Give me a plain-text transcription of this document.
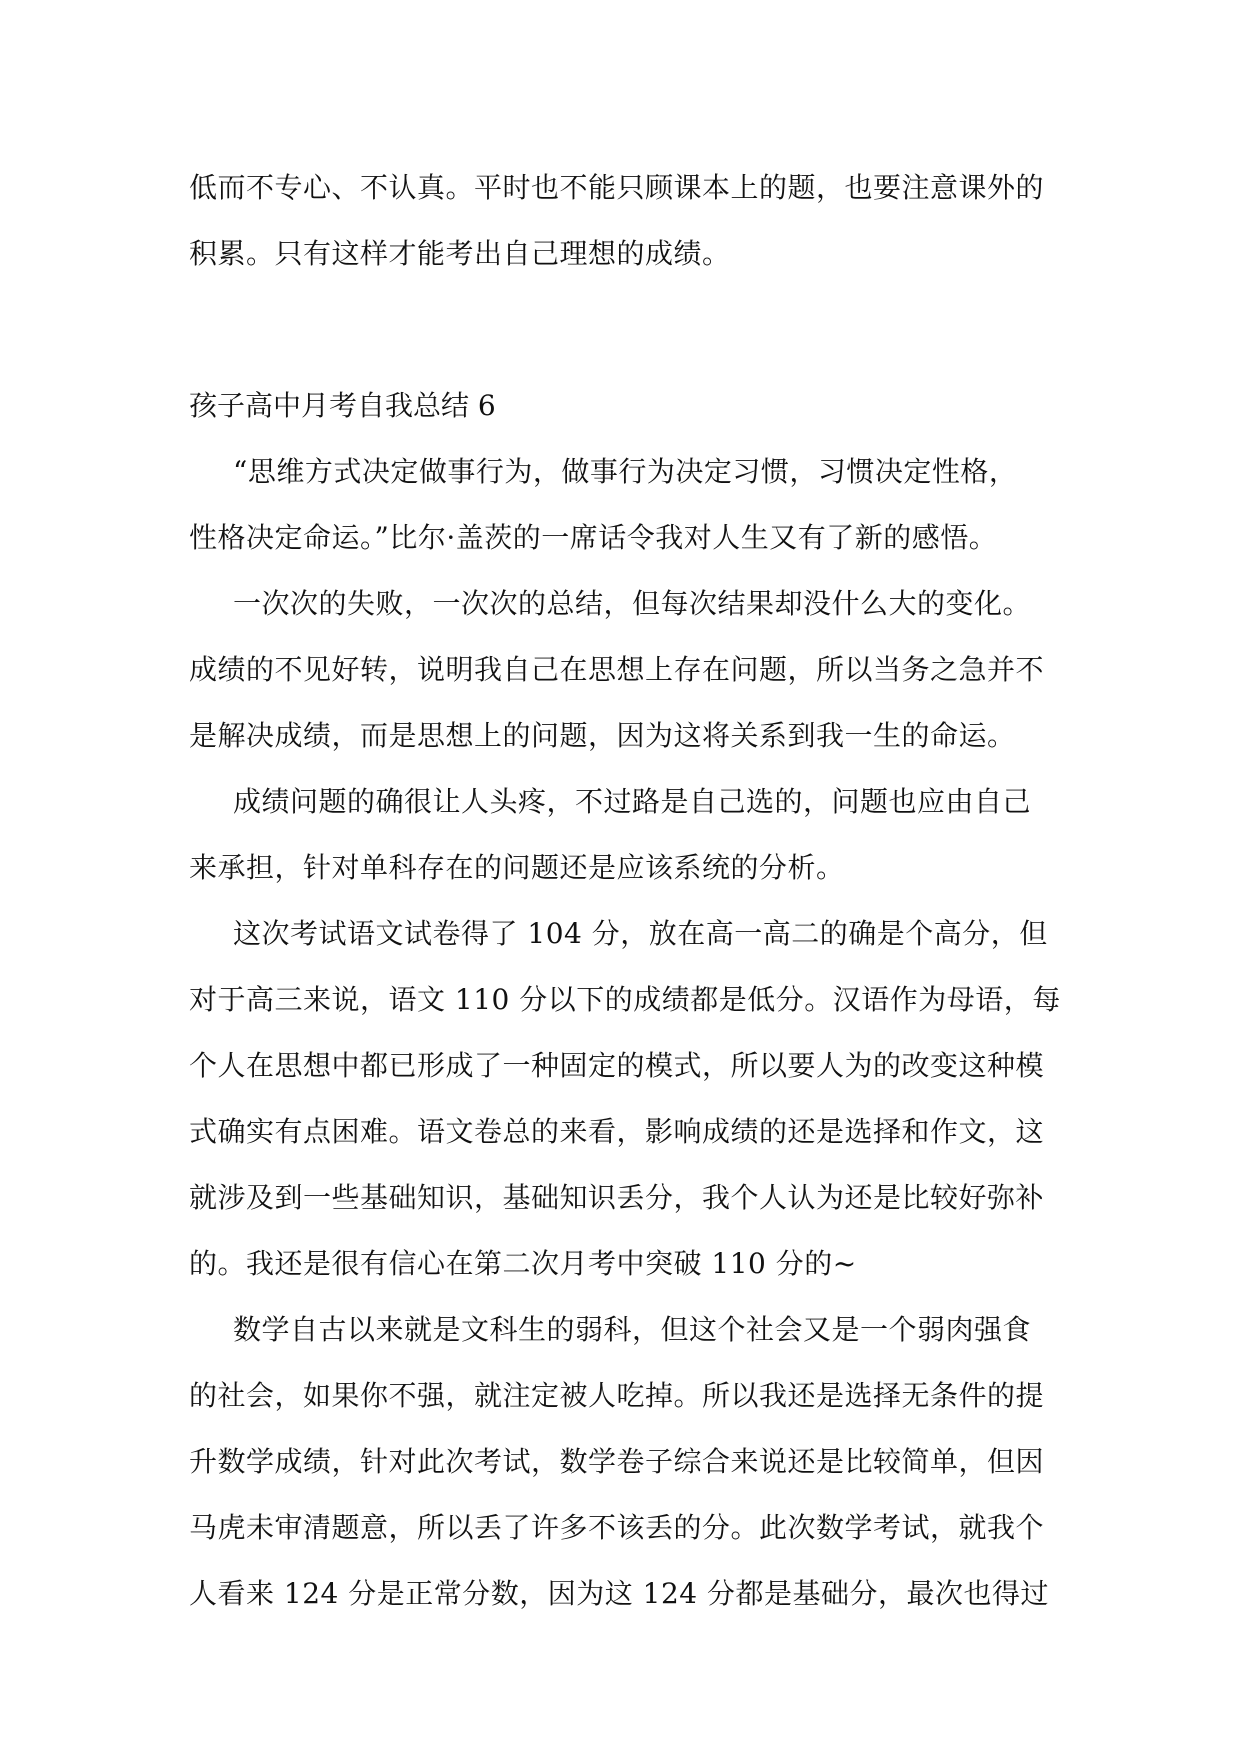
低而不专心、不认真。平时也不能只顾课本上的题，也要注意课外的
积累。只有这样才能考出自己理想的成绩。
孩子高中月考自我总结 6
“思维方式决定做事行为，做事行为决定习惯，习惯决定性格，
性格决定命运。”比尔·盖茨的一席话令我对人生又有了新的感悟。
一次次的失败，一次次的总结，但每次结果却没什么大的变化。
成绩的不见好转，说明我自己在思想上存在问题，所以当务之急并不
是解决成绩，而是思想上的问题，因为这将关系到我一生的命运。
成绩问题的确很让人头疼，不过路是自己选的，问题也应由自己
来承担，针对单科存在的问题还是应该系统的分析。
这次考试语文试卷得了 104 分，放在高一高二的确是个高分，但
对于高三来说，语文 110 分以下的成绩都是低分。汉语作为母语，每
个人在思想中都已形成了一种固定的模式，所以要人为的改变这种模
式确实有点困难。语文卷总的来看，影响成绩的还是选择和作文，这
就涉及到一些基础知识，基础知识丢分，我个人认为还是比较好弥补
的。我还是很有信心在第二次月考中突破 110 分的~
数学自古以来就是文科生的弱科，但这个社会又是一个弱肉强食
的社会，如果你不强，就注定被人吃掉。所以我还是选择无条件的提
升数学成绩，针对此次考试，数学卷子综合来说还是比较简单，但因
马虎未审清题意，所以丢了许多不该丢的分。此次数学考试，就我个
人看来 124 分是正常分数，因为这 124 分都是基础分，最次也得过
